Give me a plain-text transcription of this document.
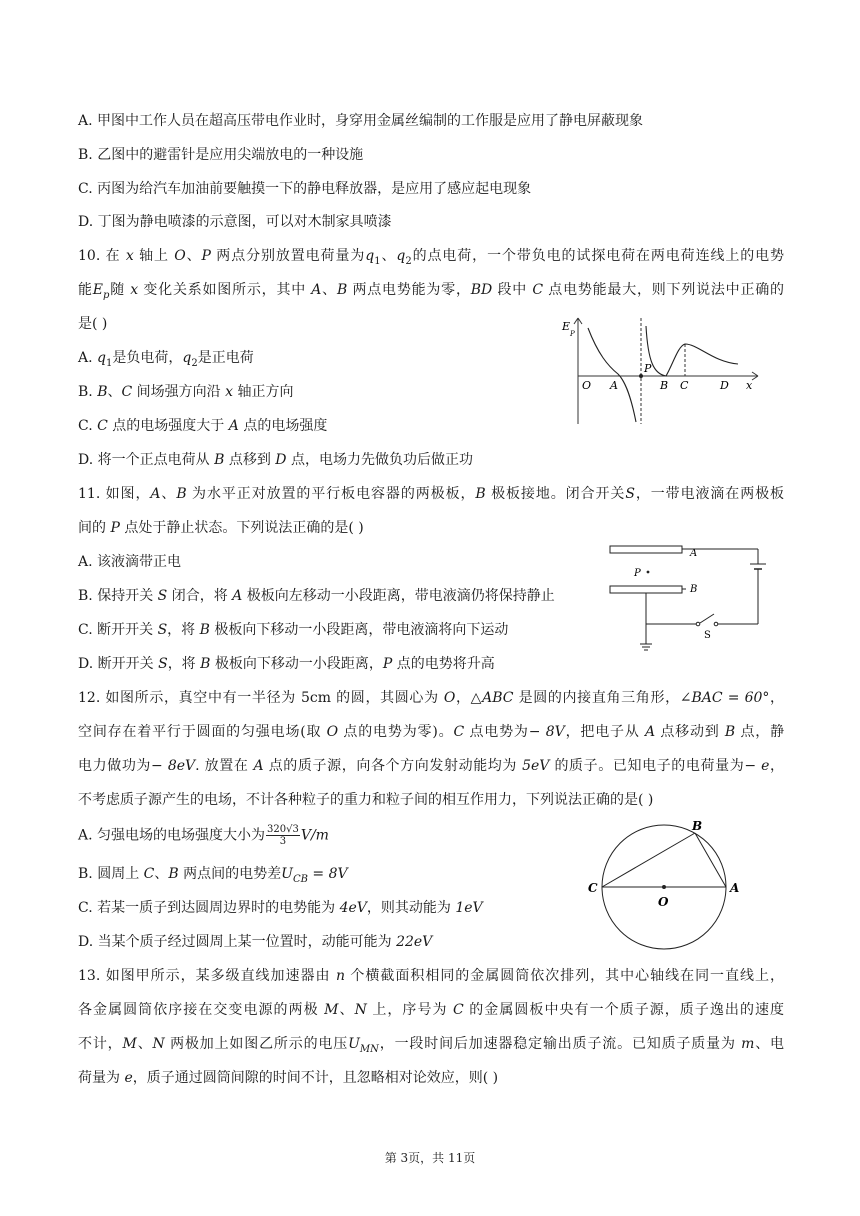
A. 甲图中工作人员在超高压带电作业时，身穿用金属丝编制的工作服是应用了静电屏蔽现象
B. 乙图中的避雷针是应用尖端放电的一种设施
C. 丙图为给汽车加油前要触摸一下的静电释放器，是应用了感应起电现象
D. 丁图为静电喷漆的示意图，可以对木制家具喷漆
10. 在 x 轴上 O、P 两点分别放置电荷量为$q_1$、$q_2$的点电荷，一个带负电的试探电荷在两电荷连线上的电势
能$E_p$随 x 变化关系如图所示，其中 A、B 两点电势能为零，BD 段中 C 点电势能最大，则下列说法中正确的
是( )
A. $q_1$是负电荷，$q_2$是正电荷
B. B、C 间场强方向沿 x 轴正方向
C. C 点的电场强度大于 A 点的电场强度
D. 将一个正点电荷从 B 点移到 D 点，电场力先做负功后做正功
E
P
O A
P
B C	D x
11. 如图，A、B 为水平正对放置的平行板电容器的两极板，B 极板接地。闭合开关S，一带电液滴在两极板
间的 P 点处于静止状态。下列说法正确的是( )
A. 该液滴带正电
B. 保持开关 S 闭合，将 A 极板向左移动一小段距离，带电液滴仍将保持静止
C. 断开开关 S，将 B 极板向下移动一小段距离，带电液滴将向下运动
D. 断开开关 S，将 B 极板向下移动一小段距离，P 点的电势将升高
A
B
P
S
12. 如图所示，真空中有一半径为 5cm 的圆，其圆心为 O，△ABC 是圆的内接直角三角形，∠BAC = 60°，
空间存在着平行于圆面的匀强电场(取 O 点的电势为零)。C 点电势为− 8V，把电子从 A 点移动到 B 点，静
电力做功为− 8eV. 放置在 A 点的质子源，向各个方向发射动能均为 5eV 的质子。已知电子的电荷量为− e，
不考虑质子源产生的电场，不计各种粒子的重力和粒子间的相互作用力，下列说法正确的是( )
A. 匀强电场的电场强度大小为 $\frac{320√3}{3} V/m$
B. 圆周上 C、B 两点间的电势差$U_{CB} = 8V$
C. 若某一质子到达圆周边界时的电势能为 4eV，则其动能为 1eV
D. 当某个质子经过圆周上某一位置时，动能可能为 22eV
B
C
O
A
13. 如图甲所示，某多级直线加速器由 n 个横截面积相同的金属圆筒依次排列，其中心轴线在同一直线上，
各金属圆筒依序接在交变电源的两极 M、N 上，序号为 C 的金属圆板中央有一个质子源，质子逸出的速度
不计，M、N 两极加上如图乙所示的电压$U_{MN}$，一段时间后加速器稳定输出质子流。已知质子质量为 m、电
荷量为 e，质子通过圆筒间隙的时间不计，且忽略相对论效应，则( )
第 3页，共 11页
